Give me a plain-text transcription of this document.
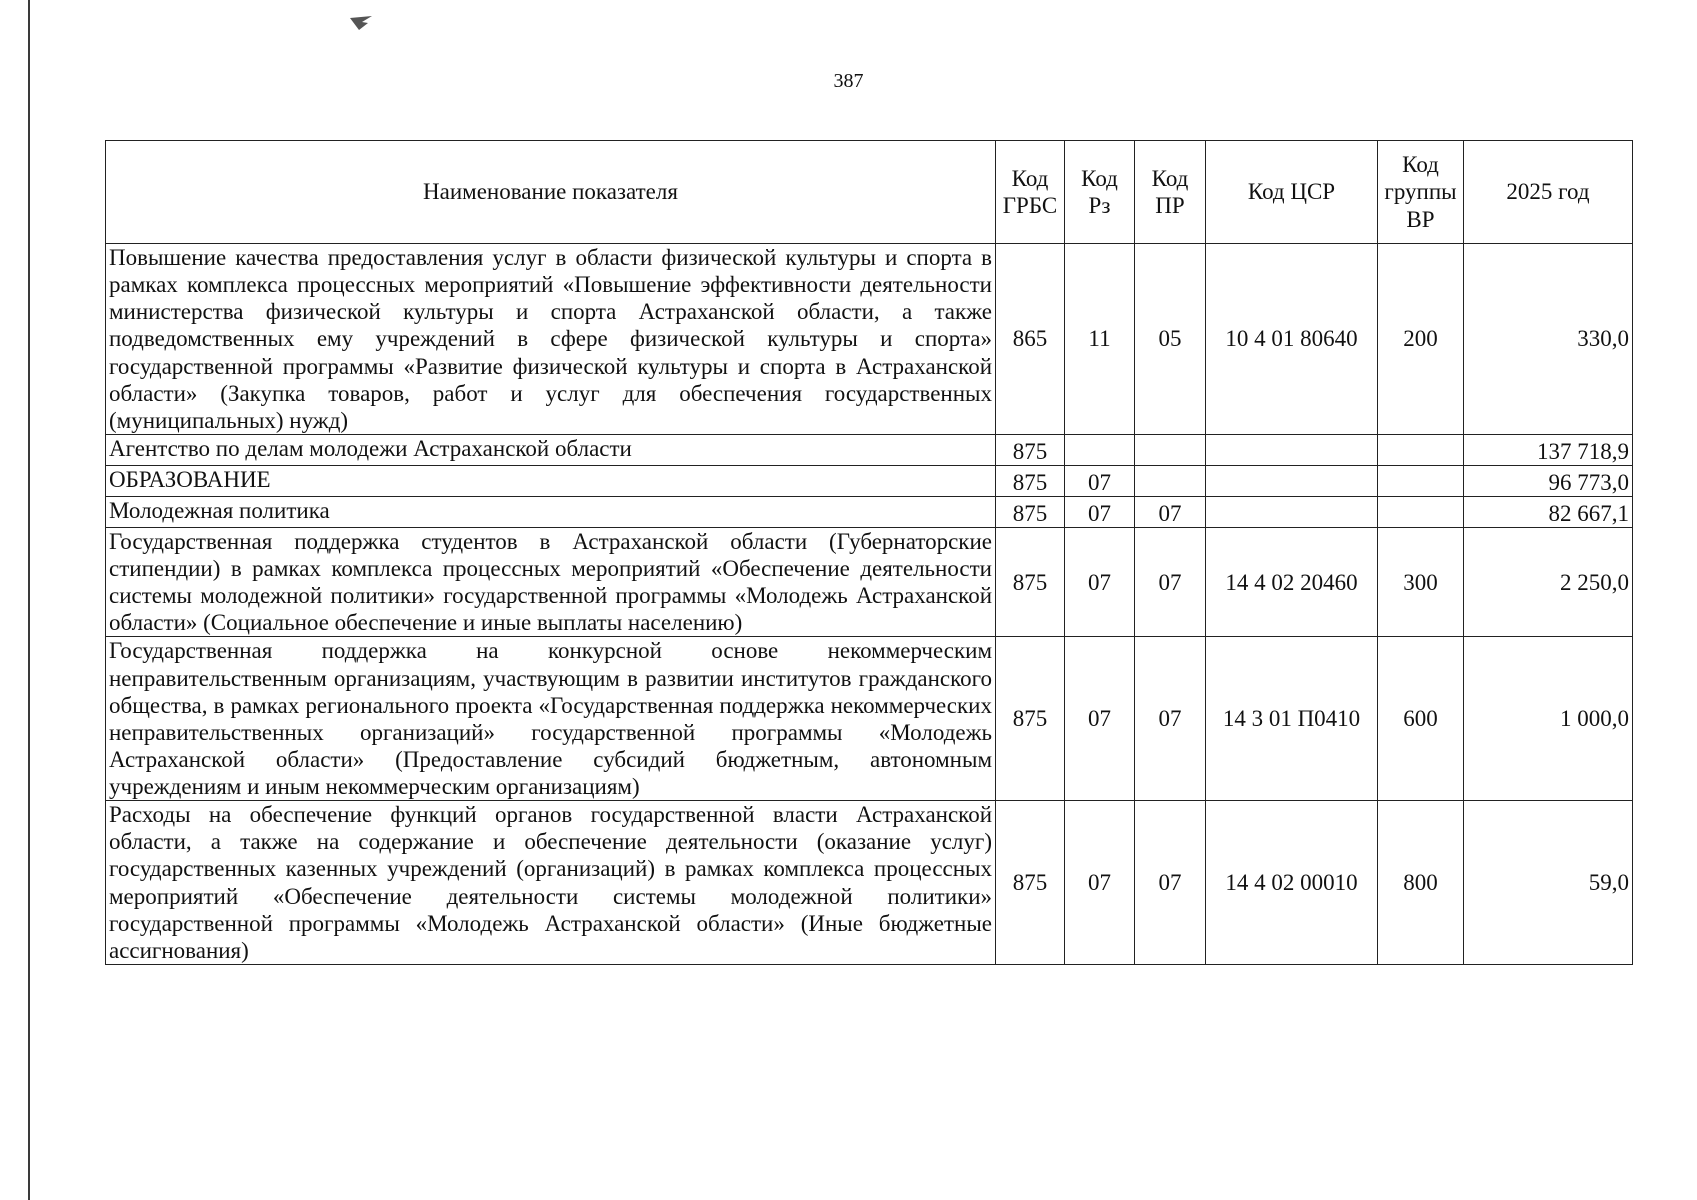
387
Наименование показателя	Код ГРБС	Код Рз	Код ПР	Код ЦСР	Код группы ВР	2025 год
Повышение качества предоставления услуг в области физической культуры и спорта в рамках комплекса процессных мероприятий «Повышение эффективности деятельности министерства физической культуры и спорта Астраханской области, а также подведомственных ему учреждений в сфере физической культуры и спорта» государственной программы «Развитие физической культуры и спорта в Астраханской области» (Закупка товаров, работ и услуг для обеспечения государственных (муниципальных) нужд)	865	11	05	10 4 01 80640	200	330,0
Агентство по делам молодежи Астраханской области	875					137 718,9
ОБРАЗОВАНИЕ	875	07				96 773,0
Молодежная политика	875	07	07			82 667,1
Государственная поддержка студентов в Астраханской области (Губернаторские стипендии) в рамках комплекса процессных мероприятий «Обеспечение деятельности системы молодежной политики» государственной программы «Молодежь Астраханской области» (Социальное обеспечение и иные выплаты населению)	875	07	07	14 4 02 20460	300	2 250,0
Государственная поддержка на конкурсной основе некоммерческим неправительственным организациям, участвующим в развитии институтов гражданского общества, в рамках регионального проекта «Государственная поддержка некоммерческих неправительственных организаций» государственной программы «Молодежь Астраханской области» (Предоставление субсидий бюджетным, автономным учреждениям и иным некоммерческим организациям)	875	07	07	14 3 01 П0410	600	1 000,0
Расходы на обеспечение функций органов государственной власти Астраханской области, а также на содержание и обеспечение деятельности (оказание услуг) государственных казенных учреждений (организаций) в рамках комплекса процессных мероприятий «Обеспечение деятельности системы молодежной политики» государственной программы «Молодежь Астраханской области» (Иные бюджетные ассигнования)	875	07	07	14 4 02 00010	800	59,0
